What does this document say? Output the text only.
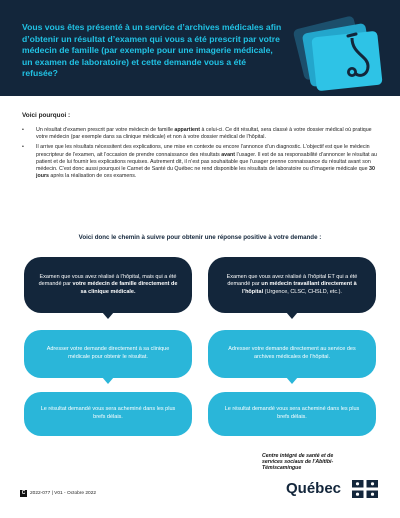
Vous vous êtes présenté à un service d’archives médicales afin d’obtenir un résultat d’examen qui vous a été prescrit par votre médecin de famille (par exemple pour une imagerie médicale, un examen de laboratoire) et cette demande vous a été refusée?
Voici pourquoi :
• Un résultat d’examen prescrit par votre médecin de famille appartient à celui-ci. Ce dit résultat, sera classé à votre dossier médical où pratique votre médecin (par exemple dans sa clinique médicale) et non à votre dossier médical de l’hôpital.
• Il arrive que les résultats nécessitent des explications, une mise en contexte ou encore l’annonce d’un diagnostic. L’objectif est que le médecin prescripteur de l’examen, ait l’occasion de prendre connaissance des résultats avant l’usager. Il est de sa responsabilité d’annoncer le résultat au patient et de lui fournir les explications requises. Autrement dit, il n’est pas souhaitable que l’usager prenne connaissance du résultat avant son médecin. C’est donc aussi pourquoi le Carnet de Santé du Québec ne rend disponible les résultats de laboratoire ou d’imagerie médicale que 30 jours après la réalisation de ces examens.
Voici donc le chemin à suivre pour obtenir une réponse positive à votre demande :
Examen que vous avez réalisé à l’hôpital, mais qui a été demandé par votre médecin de famille directement de sa clinique médicale.
Examen que vous avez réalisé à l’hôpital ET qui a été demandé par un médecin travaillant directement à l’hôpital (Urgence, CLSC, CHSLD, etc.).
Adresser votre demande directement à sa clinique médicale pour obtenir le résultat.
Adresser votre demande directement au service des archives médicales de l’hôpital.
Le résultat demandé vous sera acheminé dans les plus brefs délais.
Le résultat demandé vous sera acheminé dans les plus brefs délais.
C 2022-077 | V01 - Octobre 2022
Centre intégré de santé et de services sociaux de l’Abitibi-Témiscamingue
Québec
